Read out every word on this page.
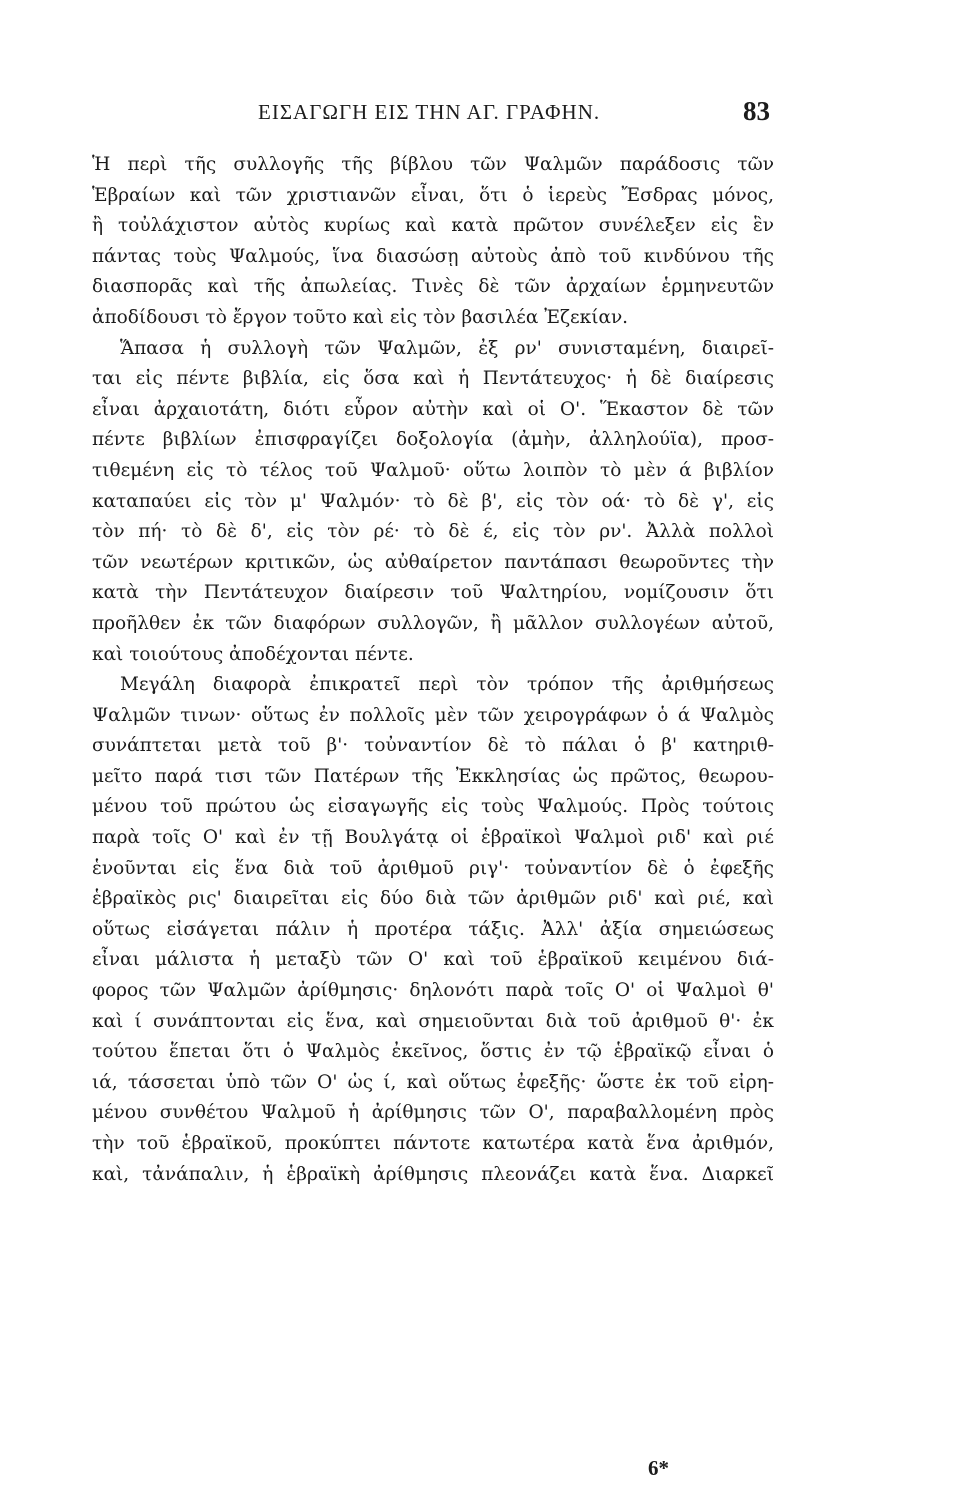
ΕΙΣΑΓΩΓΗ ΕΙΣ ΤΗΝ ΑΓ. ΓΡΑΦΗΝ.	83
Ἡ περὶ τῆς συλλογῆς τῆς βίβλου τῶν Ψαλμῶν παράδοσις τῶν
Ἑβραίων καὶ τῶν χριστιανῶν εἶναι, ὅτι ὁ ἱερεὺς Ἔσδρας μόνος,
ἢ τοὐλάχιστον αὐτὸς κυρίως καὶ κατὰ πρῶτον συνέλεξεν εἰς ἓν
πάντας τοὺς Ψαλμούς, ἵνα διασώσῃ αὐτοὺς ἀπὸ τοῦ κινδύνου τῆς
διασπορᾶς καὶ τῆς ἀπωλείας. Τινὲς δὲ τῶν ἀρχαίων ἑρμηνευτῶν
ἀποδίδουσι τὸ ἔργον τοῦτο καὶ εἰς τὸν βασιλέα Ἐζεκίαν.
Ἅπασα ἡ συλλογὴ τῶν Ψαλμῶν, ἐξ ρν' συνισταμένη, διαιρεῖ-
ται εἰς πέντε βιβλία, εἰς ὅσα καὶ ἡ Πεντάτευχος· ἡ δὲ διαίρεσις
εἶναι ἀρχαιοτάτη, διότι εὗρον αὐτὴν καὶ οἱ Ο'. Ἕκαστον δὲ τῶν
πέντε βιβλίων ἐπισφραγίζει δοξολογία (ἀμὴν, ἀλληλούϊα), προσ-
τιθεμένη εἰς τὸ τέλος τοῦ Ψαλμοῦ· οὕτω λοιπὸν τὸ μὲν ά βιβλίον
καταπαύει εἰς τὸν μ' Ψαλμόν· τὸ δὲ β', εἰς τὸν οά· τὸ δὲ γ', εἰς
τὸν πή· τὸ δὲ δ', εἰς τὸν ρέ· τὸ δὲ έ, εἰς τὸν ρν'. Ἀλλὰ πολλοὶ
τῶν νεωτέρων κριτικῶν, ὡς αὐθαίρετον παντάπασι θεωροῦντες τὴν
κατὰ τὴν Πεντάτευχον διαίρεσιν τοῦ Ψαλτηρίου, νομίζουσιν ὅτι
προῆλθεν ἐκ τῶν διαφόρων συλλογῶν, ἢ μᾶλλον συλλογέων αὐτοῦ,
καὶ τοιούτους ἀποδέχονται πέντε.
Μεγάλη διαφορὰ ἐπικρατεῖ περὶ τὸν τρόπον τῆς ἀριθμήσεως
Ψαλμῶν τινων· οὕτως ἐν πολλοῖς μὲν τῶν χειρογράφων ὁ ά Ψαλμὸς
συνάπτεται μετὰ τοῦ β'· τοὐναντίον δὲ τὸ πάλαι ὁ β' κατηριθ-
μεῖτο παρά τισι τῶν Πατέρων τῆς Ἐκκλησίας ὡς πρῶτος, θεωρου-
μένου τοῦ πρώτου ὡς εἰσαγωγῆς εἰς τοὺς Ψαλμούς. Πρὸς τούτοις
παρὰ τοῖς Ο' καὶ ἐν τῇ Βουλγάτᾳ οἱ ἑβραϊκοὶ Ψαλμοὶ ριδ' καὶ ριέ
ἑνοῦνται εἰς ἕνα διὰ τοῦ ἀριθμοῦ ριγ'· τοὐναντίον δὲ ὁ ἐφεξῆς
ἑβραϊκὸς ρις' διαιρεῖται εἰς δύο διὰ τῶν ἀριθμῶν ριδ' καὶ ριέ, καὶ
οὕτως εἰσάγεται πάλιν ἡ προτέρα τάξις. Ἀλλ' ἀξία σημειώσεως
εἶναι μάλιστα ἡ μεταξὺ τῶν Ο' καὶ τοῦ ἑβραϊκοῦ κειμένου διά-
φορος τῶν Ψαλμῶν ἀρίθμησις· δηλονότι παρὰ τοῖς Ο' οἱ Ψαλμοὶ θ'
καὶ ί συνάπτονται εἰς ἕνα, καὶ σημειοῦνται διὰ τοῦ ἀριθμοῦ θ'· ἐκ
τούτου ἕπεται ὅτι ὁ Ψαλμὸς ἐκεῖνος, ὅστις ἐν τῷ ἑβραϊκῷ εἶναι ὁ
ιά, τάσσεται ὑπὸ τῶν Ο' ὡς ί, καὶ οὕτως ἐφεξῆς· ὥστε ἐκ τοῦ εἰρη-
μένου συνθέτου Ψαλμοῦ ἡ ἀρίθμησις τῶν Ο', παραβαλλομένη πρὸς
τὴν τοῦ ἑβραϊκοῦ, προκύπτει πάντοτε κατωτέρα κατὰ ἕνα ἀριθμόν,
καὶ, τἀνάπαλιν, ἡ ἑβραϊκὴ ἀρίθμησις πλεονάζει κατὰ ἕνα. Διαρκεῖ
6*
